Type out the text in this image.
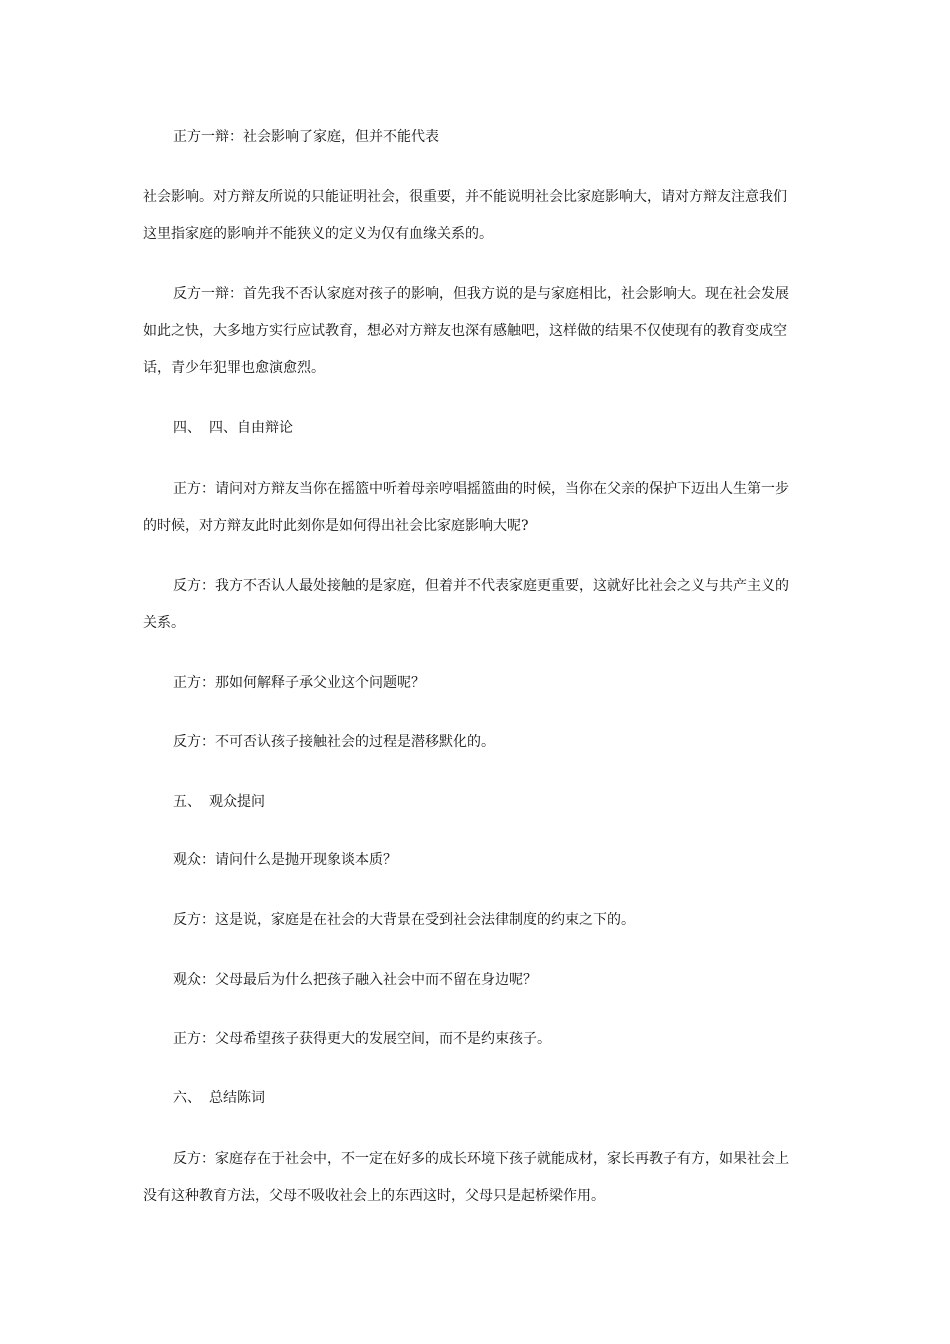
正方一辩：社会影响了家庭，但并不能代表

社会影响。对方辩友所说的只能证明社会，很重要，并不能说明社会比家庭影响大，请对方辩友注意我们

这里指家庭的影响并不能狭义的定义为仅有血缘关系的。

反方一辩：首先我不否认家庭对孩子的影响，但我方说的是与家庭相比，社会影响大。现在社会发展

如此之快，大多地方实行应试教育，想必对方辩友也深有感触吧，这样做的结果不仅使现有的教育变成空

话，青少年犯罪也愈演愈烈。

四、 四、自由辩论

正方：请问对方辩友当你在摇篮中听着母亲哼唱摇篮曲的时候，当你在父亲的保护下迈出人生第一步

的时候，对方辩友此时此刻你是如何得出社会比家庭影响大呢?

反方：我方不否认人最处接触的是家庭，但着并不代表家庭更重要，这就好比社会之义与共产主义的

关系。

正方：那如何解释子承父业这个问题呢？

反方：不可否认孩子接触社会的过程是潜移默化的。

五、 观众提问

观众：请问什么是抛开现象谈本质？

反方：这是说，家庭是在社会的大背景在受到社会法律制度的约束之下的。

观众：父母最后为什么把孩子融入社会中而不留在身边呢？

正方：父母希望孩子获得更大的发展空间，而不是约束孩子。

六、 总结陈词

反方：家庭存在于社会中，不一定在好多的成长环境下孩子就能成材，家长再教子有方，如果社会上

没有这种教育方法，父母不吸收社会上的东西这时，父母只是起桥梁作用。
